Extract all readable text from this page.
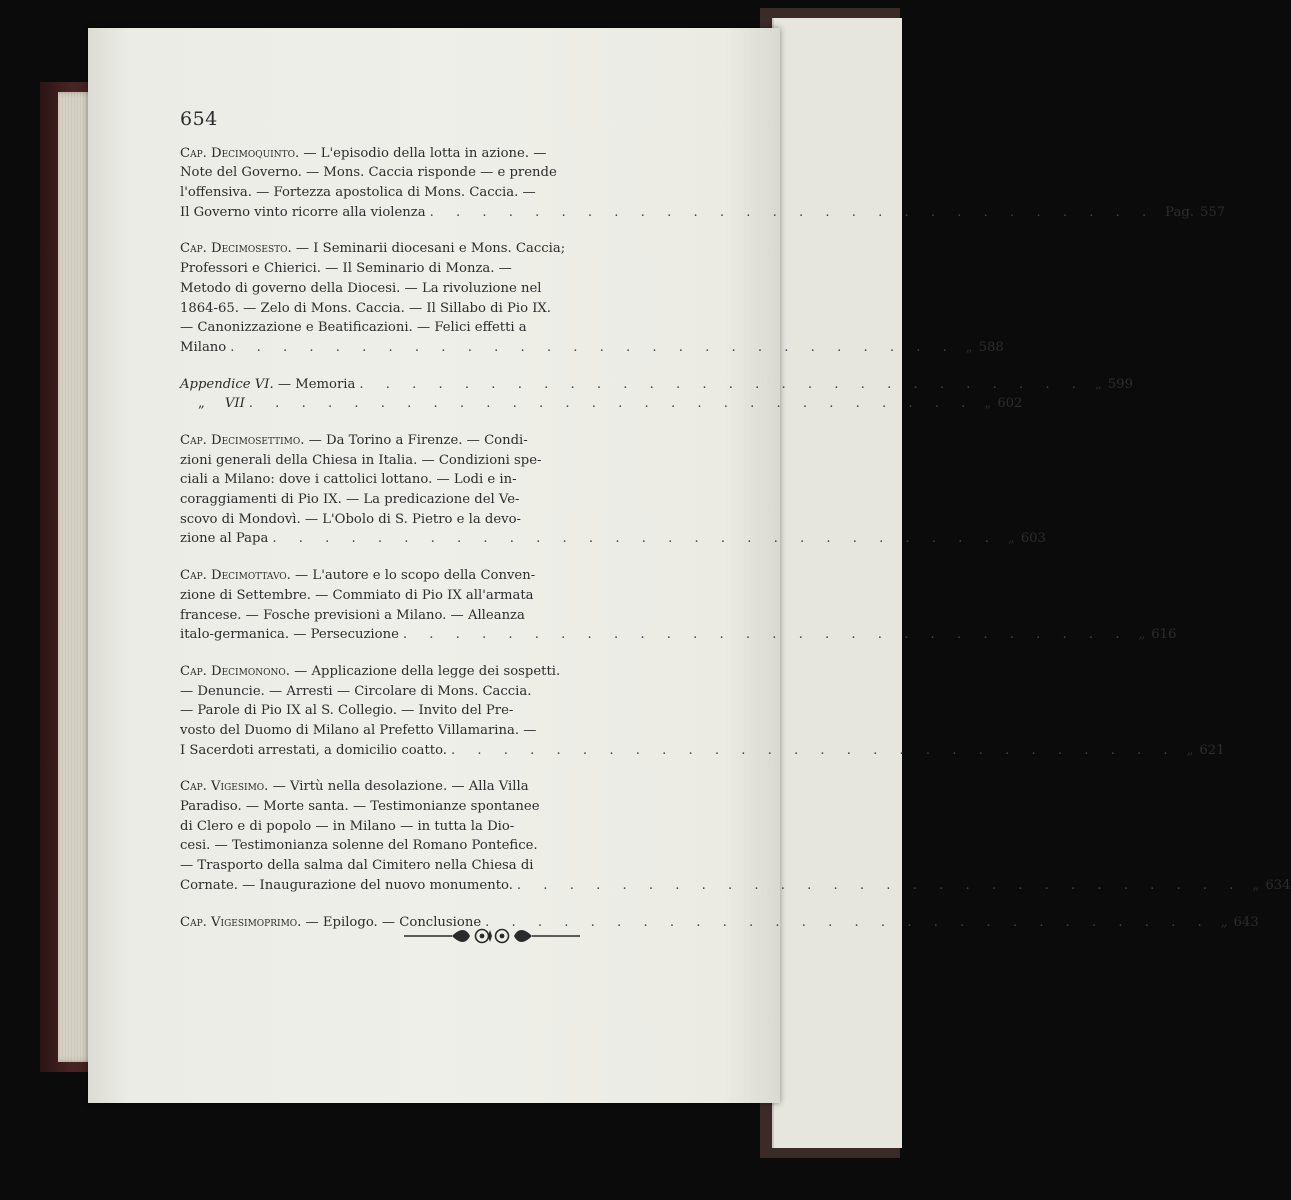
654
Cap. Decimoquinto. — L'episodio della lotta in azione. —
Note del Governo. — Mons. Caccia risponde — e prende
l'offensiva. — Fortezza apostolica di Mons. Caccia. —
Il Governo vinto ricorre alla violenza . . . . . . . . . . . . . . . . . . . . . . . . . . . . Pag. 557
Cap. Decimosesto. — I Seminarii diocesani e Mons. Caccia;
Professori e Chierici. — Il Seminario di Monza. —
Metodo di governo della Diocesi. — La rivoluzione nel
1864-65. — Zelo di Mons. Caccia. — Il Sillabo di Pio IX.
— Canonizzazione e Beatificazioni. — Felici effetti a
Milano . . . . . . . . . . . . . . . . . . . . . . . . . . . . „ 588
Appendice VI. — Memoria . . . . . . . . . . . . . . . . . . . . . . . . . . . . „ 599
„ VII . . . . . . . . . . . . . . . . . . . . . . . . . . . . „ 602
Cap. Decimosettimo. — Da Torino a Firenze. — Condi-
zioni generali della Chiesa in Italia. — Condizioni spe-
ciali a Milano: dove i cattolici lottano. — Lodi e in-
coraggiamenti di Pio IX. — La predicazione del Ve-
scovo di Mondovì. — L'Obolo di S. Pietro e la devo-
zione al Papa . . . . . . . . . . . . . . . . . . . . . . . . . . . . „ 603
Cap. Decimottavo. — L'autore e lo scopo della Conven-
zione di Settembre. — Commiato di Pio IX all'armata
francese. — Fosche previsioni a Milano. — Alleanza
italo-germanica. — Persecuzione . . . . . . . . . . . . . . . . . . . . . . . . . . . . „ 616
Cap. Decimonono. — Applicazione della legge dei sospetti.
— Denuncie. — Arresti — Circolare di Mons. Caccia.
— Parole di Pio IX al S. Collegio. — Invito del Pre-
vosto del Duomo di Milano al Prefetto Villamarina. —
I Sacerdoti arrestati, a domicilio coatto. . . . . . . . . . . . . . . . . . . . . . . . . . . . . „ 621
Cap. Vigesimo. — Virtù nella desolazione. — Alla Villa
Paradiso. — Morte santa. — Testimonianze spontanee
di Clero e di popolo — in Milano — in tutta la Dio-
cesi. — Testimonianza solenne del Romano Pontefice.
— Trasporto della salma dal Cimitero nella Chiesa di
Cornate. — Inaugurazione del nuovo monumento. . . . . . . . . . . . . . . . . . . . . . . . . . . . . „ 634
Cap. Vigesimoprimo. — Epilogo. — Conclusione . . . . . . . . . . . . . . . . . . . . . . . . . . . . „ 643
